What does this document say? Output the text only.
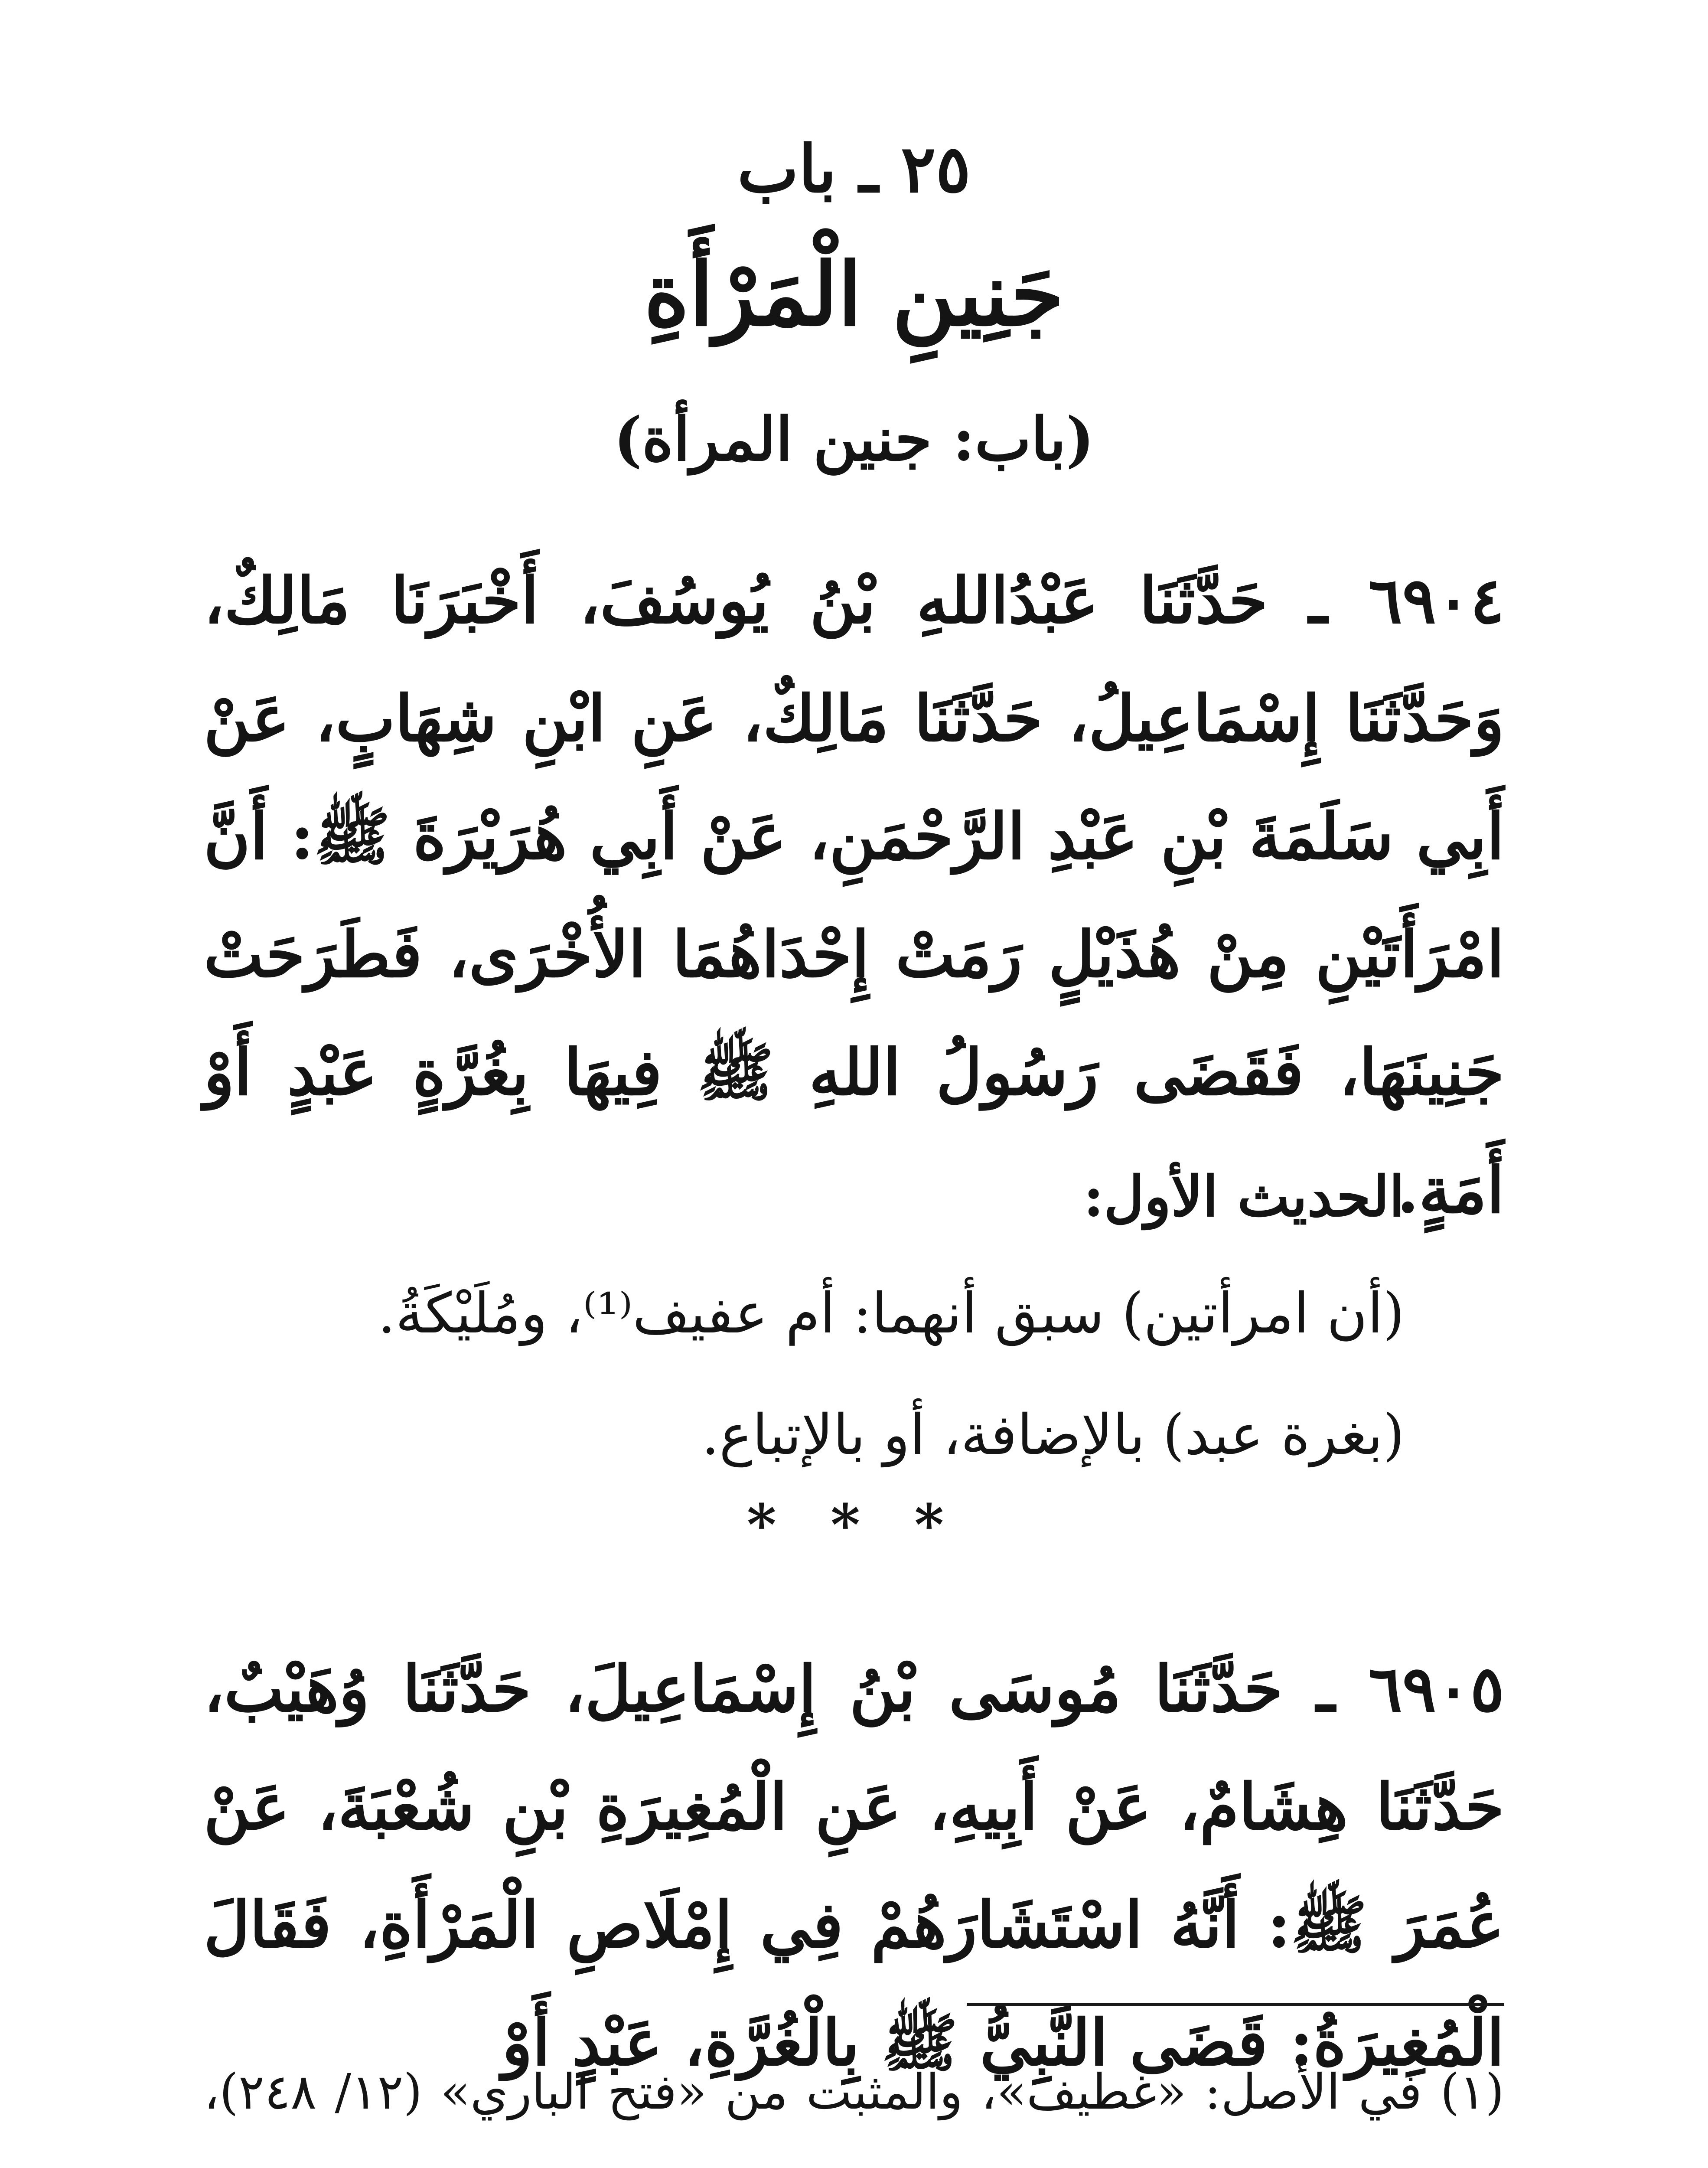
٢٥ ـ باب
جَنِينِ الْمَرْأَةِ
(باب: جنين المرأة)
٦٩٠٤ ـ حَدَّثَنَا عَبْدُاللهِ بْنُ يُوسُفَ، أَخْبَرَنَا مَالِكٌ، وَحَدَّثَنَا إِسْمَاعِيلُ، حَدَّثَنَا مَالِكٌ، عَنِ ابْنِ شِهَابٍ، عَنْ أَبِي سَلَمَةَ بْنِ عَبْدِ الرَّحْمَنِ، عَنْ أَبِي هُرَيْرَةَ ﷺ: أَنَّ امْرَأَتَيْنِ مِنْ هُذَيْلٍ رَمَتْ إِحْدَاهُمَا الأُخْرَى، فَطَرَحَتْ جَنِينَهَا، فَقَضَى رَسُولُ اللهِ ﷺ فِيهَا بِغُرَّةٍ عَبْدٍ أَوْ أَمَةٍ.
الحديث الأول:
(أن امرأتين) سبق أنهما: أم عفيف⁽¹⁾، ومُلَيْكَةُ.
(بغرة عبد) بالإضافة، أو بالإتباع.
* * *
٦٩٠٥ ـ حَدَّثَنَا مُوسَى بْنُ إِسْمَاعِيلَ، حَدَّثَنَا وُهَيْبٌ، حَدَّثَنَا هِشَامٌ، عَنْ أَبِيهِ، عَنِ الْمُغِيرَةِ بْنِ شُعْبَةَ، عَنْ عُمَرَ ﷺ: أَنَّهُ اسْتَشَارَهُمْ فِي إِمْلَاصِ الْمَرْأَةِ، فَقَالَ الْمُغِيرَةُ: قَضَى النَّبِيُّ ﷺ بِالْغُرَّةِ، عَبْدٍ أَوْ
(١) في الأصل: «غطيف»، والمثبت من «فتح الباري» (١٢/ ٢٤٨)،
